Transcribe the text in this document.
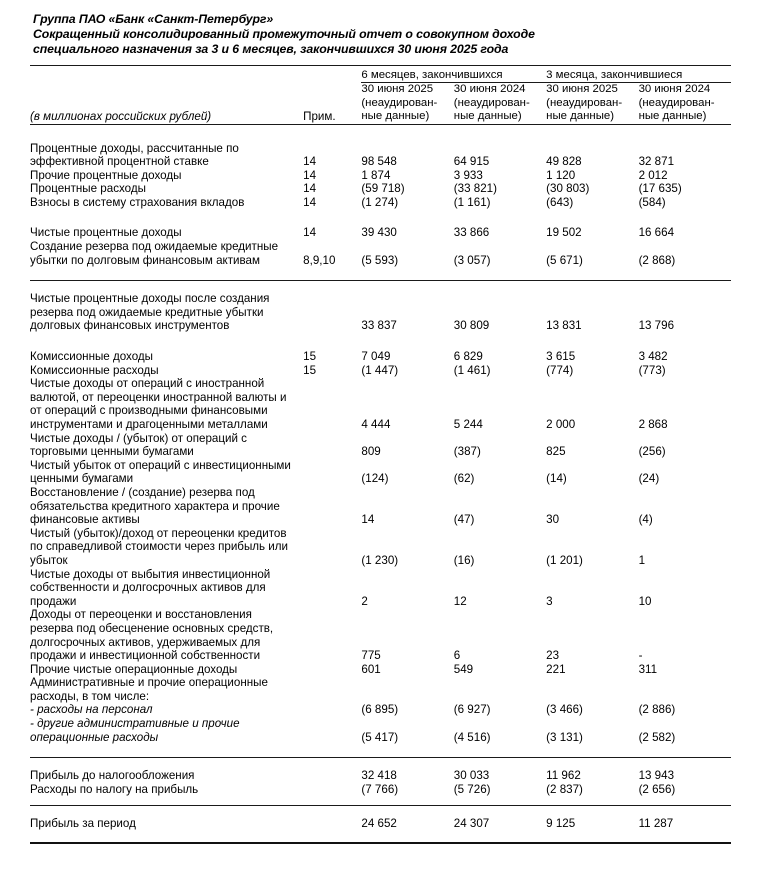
Группа ПАО «Банк «Санкт-Петербург»
Сокращенный консолидированный промежуточный отчет о совокупном доходе
специального назначения за 3 и 6 месяцев, закончившихся 30 июня 2025 года
		6 месяцев, закончившихся		3 месяца, закончившиеся	
		30 июня 2025	30 июня 2024	30 июня 2025	30 июня 2024
		(неаудирован-	(неаудирован-	(неаудирован-	(неаудирован-
(в миллионах российских рублей)	Прим.	ные данные)	ные данные)	ные данные)	ные данные)

Процентные доходы, рассчитанные по					
эффективной процентной ставке	14	98 548	64 915	49 828	32 871
Прочие процентные доходы	14	1 874	3 933	1 120	2 012
Процентные расходы	14	(59 718)	(33 821)	(30 803)	(17 635)
Взносы в систему страхования вкладов	14	(1 274)	(1 161)	(643)	(584)

Чистые процентные доходы	14	39 430	33 866	19 502	16 664
Создание резерва под ожидаемые кредитные					
убытки по долговым финансовым активам	8,9,10	(5 593)	(3 057)	(5 671)	(2 868)

Чистые процентные доходы после создания					
резерва под ожидаемые кредитные убытки					
долговых финансовых инструментов		33 837	30 809	13 831	13 796

Комиссионные доходы	15	7 049	6 829	3 615	3 482
Комиссионные расходы	15	(1 447)	(1 461)	(774)	(773)
Чистые доходы от операций с иностранной					
валютой, от переоценки иностранной валюты и					
от операций с производными финансовыми					
инструментами и драгоценными металлами		4 444	5 244	2 000	2 868
Чистые доходы / (убыток) от операций с					
торговыми ценными бумагами		809	(387)	825	(256)
Чистый убыток от операций с инвестиционными					
ценными бумагами		(124)	(62)	(14)	(24)
Восстановление / (создание) резерва под					
обязательства кредитного характера и прочие					
финансовые активы		14	(47)	30	(4)
Чистый (убыток)/доход от переоценки кредитов					
по справедливой стоимости через прибыль или					
убыток		(1 230)	(16)	(1 201)	1
Чистые доходы от выбытия инвестиционной					
собственности и долгосрочных активов для					
продажи		2	12	3	10
Доходы от переоценки и восстановления					
резерва под обесценение основных средств,					
долгосрочных активов, удерживаемых для					
продажи и инвестиционной собственности		775	6	23	-
Прочие чистые операционные доходы		601	549	221	311
Административные и прочие операционные					
расходы, в том числе:					
- расходы на персонал		(6 895)	(6 927)	(3 466)	(2 886)
- другие административные и прочие					
операционные расходы		(5 417)	(4 516)	(3 131)	(2 582)

Прибыль до налогообложения		32 418	30 033	11 962	13 943
Расходы по налогу на прибыль		(7 766)	(5 726)	(2 837)	(2 656)

Прибыль за период		24 652	24 307	9 125	11 287
